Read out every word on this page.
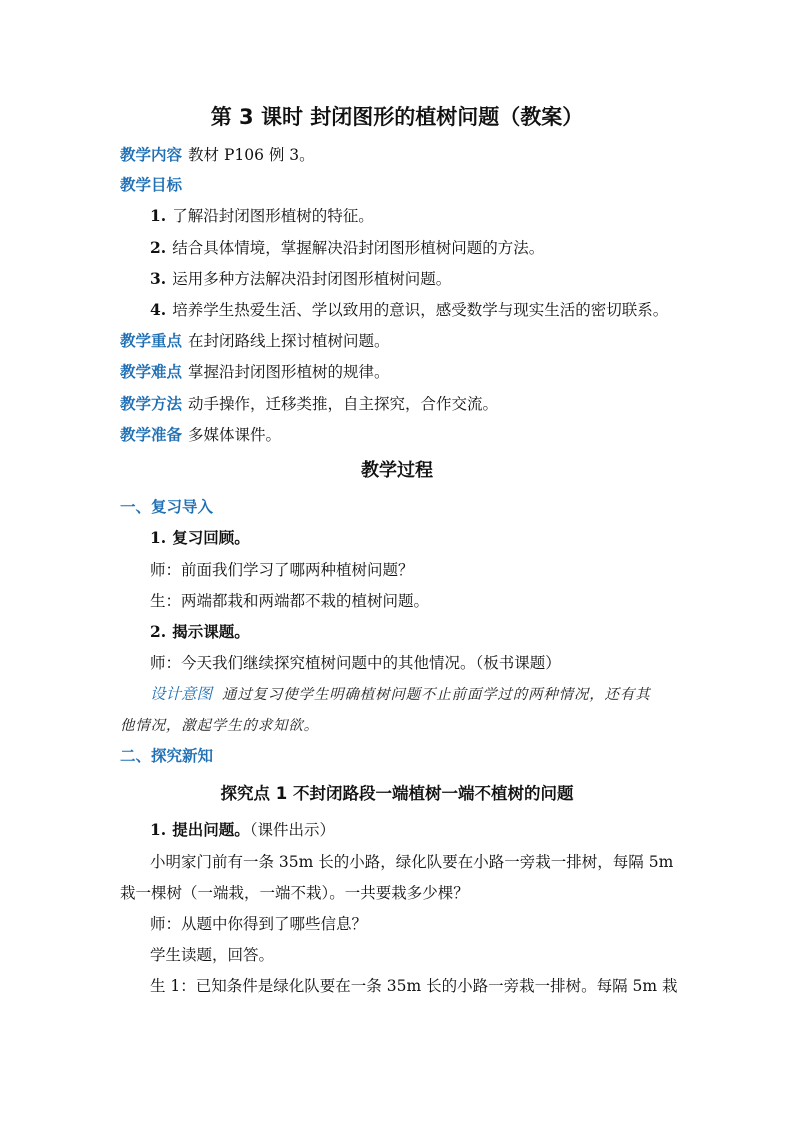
第 3 课时 封闭图形的植树问题（教案）
教学内容 教材 P106 例 3。
教学目标
1. 了解沿封闭图形植树的特征。
2. 结合具体情境，掌握解决沿封闭图形植树问题的方法。
3. 运用多种方法解决沿封闭图形植树问题。
4. 培养学生热爱生活、学以致用的意识，感受数学与现实生活的密切联系。
教学重点 在封闭路线上探讨植树问题。
教学难点 掌握沿封闭图形植树的规律。
教学方法 动手操作，迁移类推，自主探究，合作交流。
教学准备 多媒体课件。
教学过程
一、复习导入
1. 复习回顾。
师：前面我们学习了哪两种植树问题？
生：两端都栽和两端都不栽的植树问题。
2. 揭示课题。
师：今天我们继续探究植树问题中的其他情况。（板书课题）
设计意图 通过复习使学生明确植树问题不止前面学过的两种情况，还有其
他情况，激起学生的求知欲。
二、探究新知
探究点 1 不封闭路段一端植树一端不植树的问题
1. 提出问题。（课件出示）
小明家门前有一条 35m 长的小路，绿化队要在小路一旁栽一排树，每隔 5m
栽一棵树（一端栽，一端不栽）。一共要栽多少棵？
师：从题中你得到了哪些信息？
学生读题，回答。
生 1：已知条件是绿化队要在一条 35m 长的小路一旁栽一排树。每隔 5m 栽
